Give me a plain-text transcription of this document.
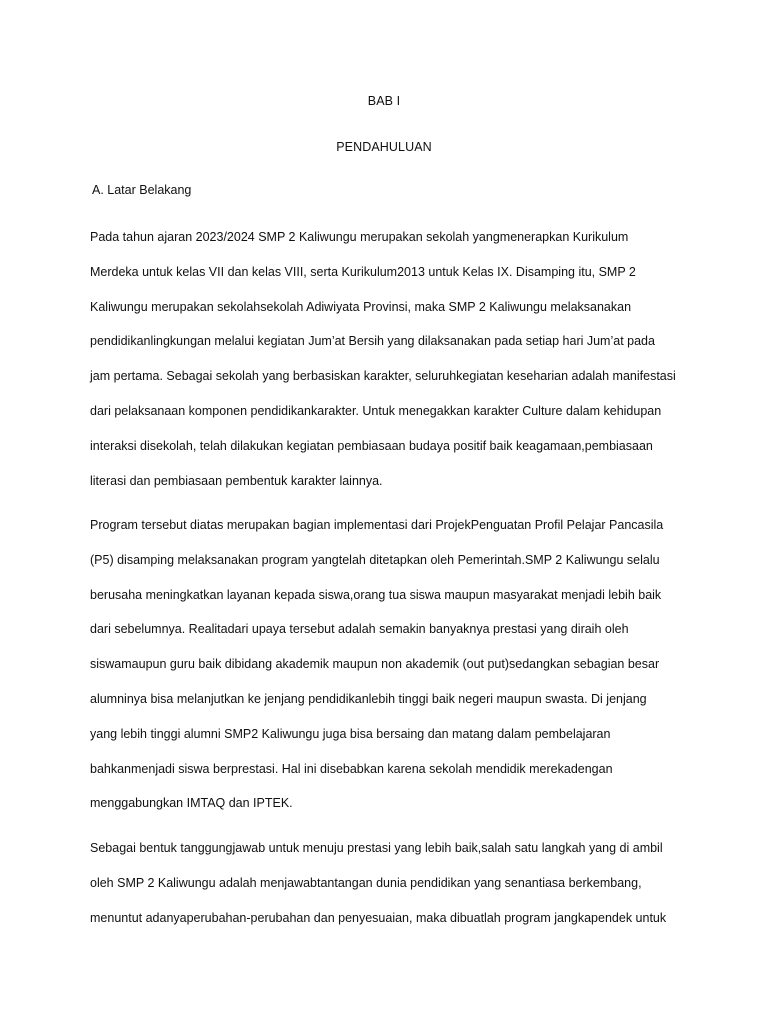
BAB I
PENDAHULUAN
A. Latar Belakang
Pada tahun ajaran 2023/2024 SMP 2 Kaliwungu merupakan sekolah yangmenerapkan Kurikulum
Merdeka untuk kelas VII dan kelas VIII, serta Kurikulum2013 untuk Kelas IX. Disamping itu, SMP 2
Kaliwungu merupakan sekolahsekolah Adiwiyata Provinsi, maka SMP 2 Kaliwungu melaksanakan
pendidikanlingkungan melalui kegiatan Jum’at Bersih yang dilaksanakan pada setiap hari Jum’at pada
jam pertama. Sebagai sekolah yang berbasiskan karakter, seluruhkegiatan keseharian adalah manifestasi
dari pelaksanaan komponen pendidikankarakter. Untuk menegakkan karakter Culture dalam kehidupan
interaksi disekolah, telah dilakukan kegiatan pembiasaan budaya positif baik keagamaan,pembiasaan
literasi dan pembiasaan pembentuk karakter lainnya.
Program tersebut diatas merupakan bagian implementasi dari ProjekPenguatan Profil Pelajar Pancasila
(P5) disamping melaksanakan program yangtelah ditetapkan oleh Pemerintah.SMP 2 Kaliwungu selalu
berusaha meningkatkan layanan kepada siswa,orang tua siswa maupun masyarakat menjadi lebih baik
dari sebelumnya. Realitadari upaya tersebut adalah semakin banyaknya prestasi yang diraih oleh
siswamaupun guru baik dibidang akademik maupun non akademik (out put)sedangkan sebagian besar
alumninya bisa melanjutkan ke jenjang pendidikanlebih tinggi baik negeri maupun swasta. Di jenjang
yang lebih tinggi alumni SMP2 Kaliwungu juga bisa bersaing dan matang dalam pembelajaran
bahkanmenjadi siswa berprestasi. Hal ini disebabkan karena sekolah mendidik merekadengan
menggabungkan IMTAQ dan IPTEK.
Sebagai bentuk tanggungjawab untuk menuju prestasi yang lebih baik,salah satu langkah yang di ambil
oleh SMP 2 Kaliwungu adalah menjawabtantangan dunia pendidikan yang senantiasa berkembang,
menuntut adanyaperubahan-perubahan dan penyesuaian, maka dibuatlah program jangkapendek untuk
